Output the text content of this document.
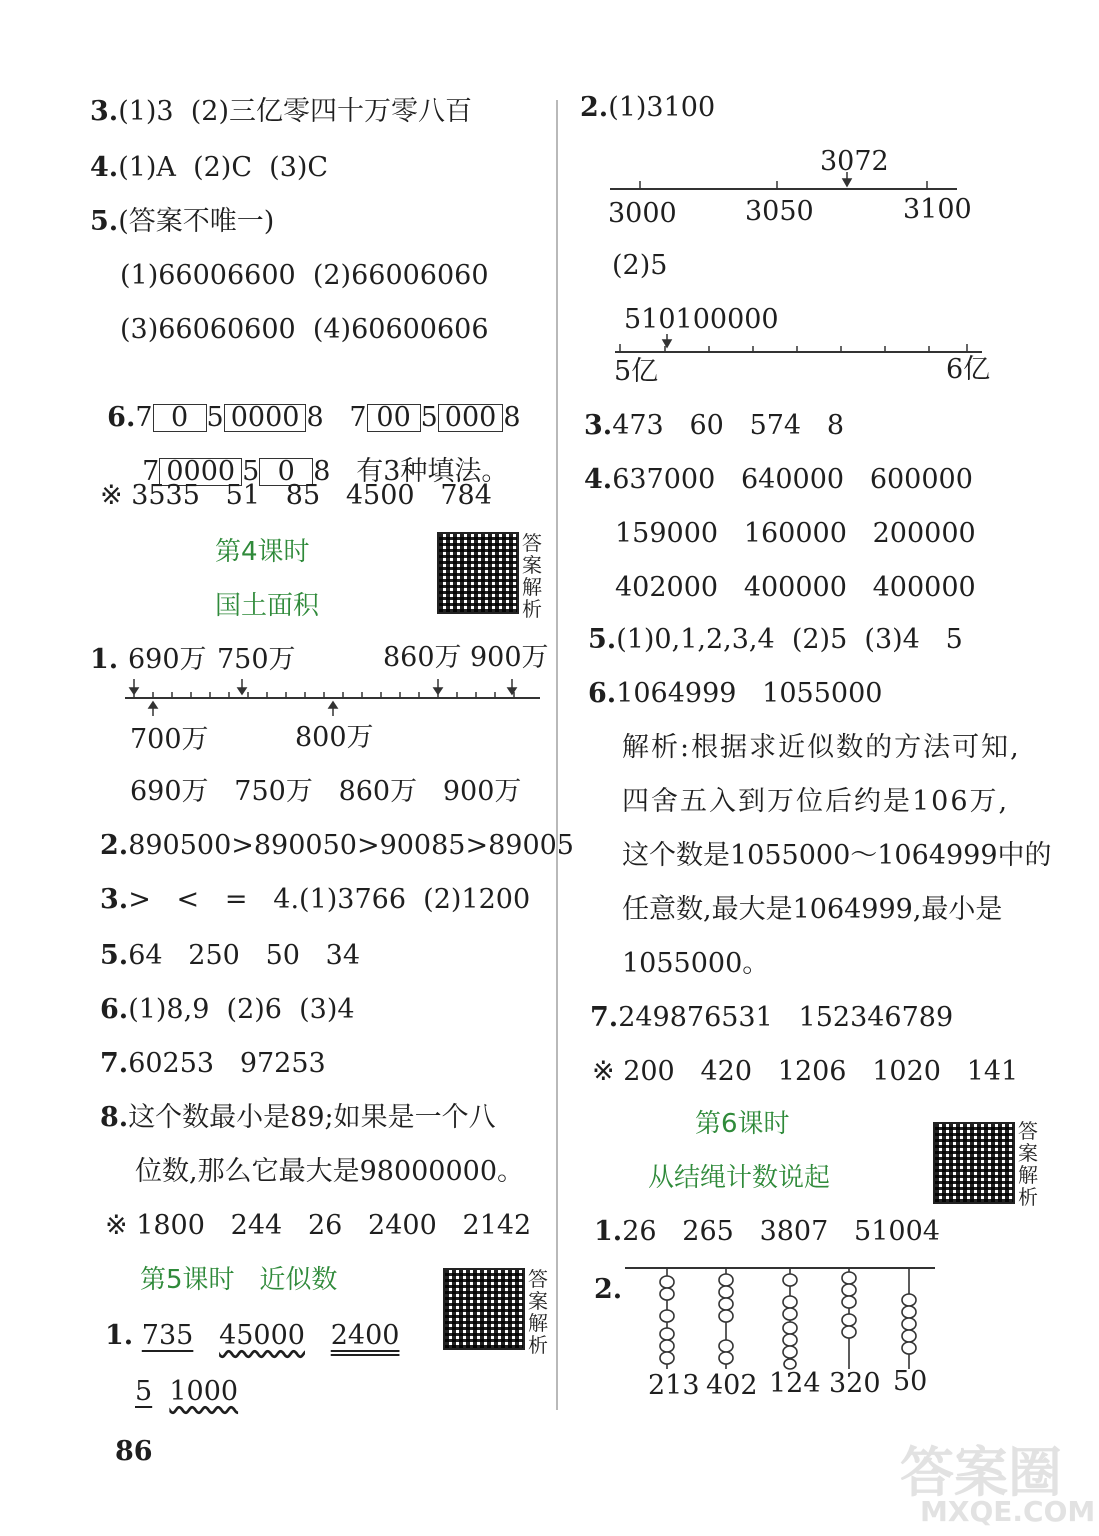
3.(1)3  (2)三亿零四十万零八百
4.(1)A  (2)C  (3)C
5.(答案不唯一)
(1)66006600  (2)66006060
(3)66060600  (4)60600606

6.7 0 5 0000 8 7 00 5 000 8

7 0000 5 0 8 有3种填法。

※ 3535   51   85   4500   784
第4课时
国土面积
答案解析
1. 690万 750万	860万 900万
700万	800万
690万   750万   860万   900万
2.890500>890050>90085>89005
3.>   <   =   4.(1)3766  (2)1200
5.64   250   50   34
6.(1)8,9  (2)6  (3)4
7.60253   97253
8.这个数最小是89;如果是一个八
位数,那么它最大是98000000。
※ 1800   244   26   2400   2142
第5课时   近似数	答案解析
1. 735 45000 2400
5 1000
86
2.(1)3100
3072
3000	3050	3100
(2)5
510100000
5亿	6亿
3.473   60   574   8
4.637000   640000   600000
159000   160000   200000
402000   400000   400000
5.(1)0,1,2,3,4  (2)5  (3)4   5
6.1064999   1055000
解析:根据求近似数的方法可知,
四舍五入到万位后约是106万,
这个数是1055000～1064999中的
任意数,最大是1064999,最小是
1055000。
7.249876531   152346789
※ 200   420   1206   1020   141
第6课时
从结绳计数说起
答案解析
1.26   265   3807   51004
2.
213 402 124 320 50
答案圈
MXQE.COM
